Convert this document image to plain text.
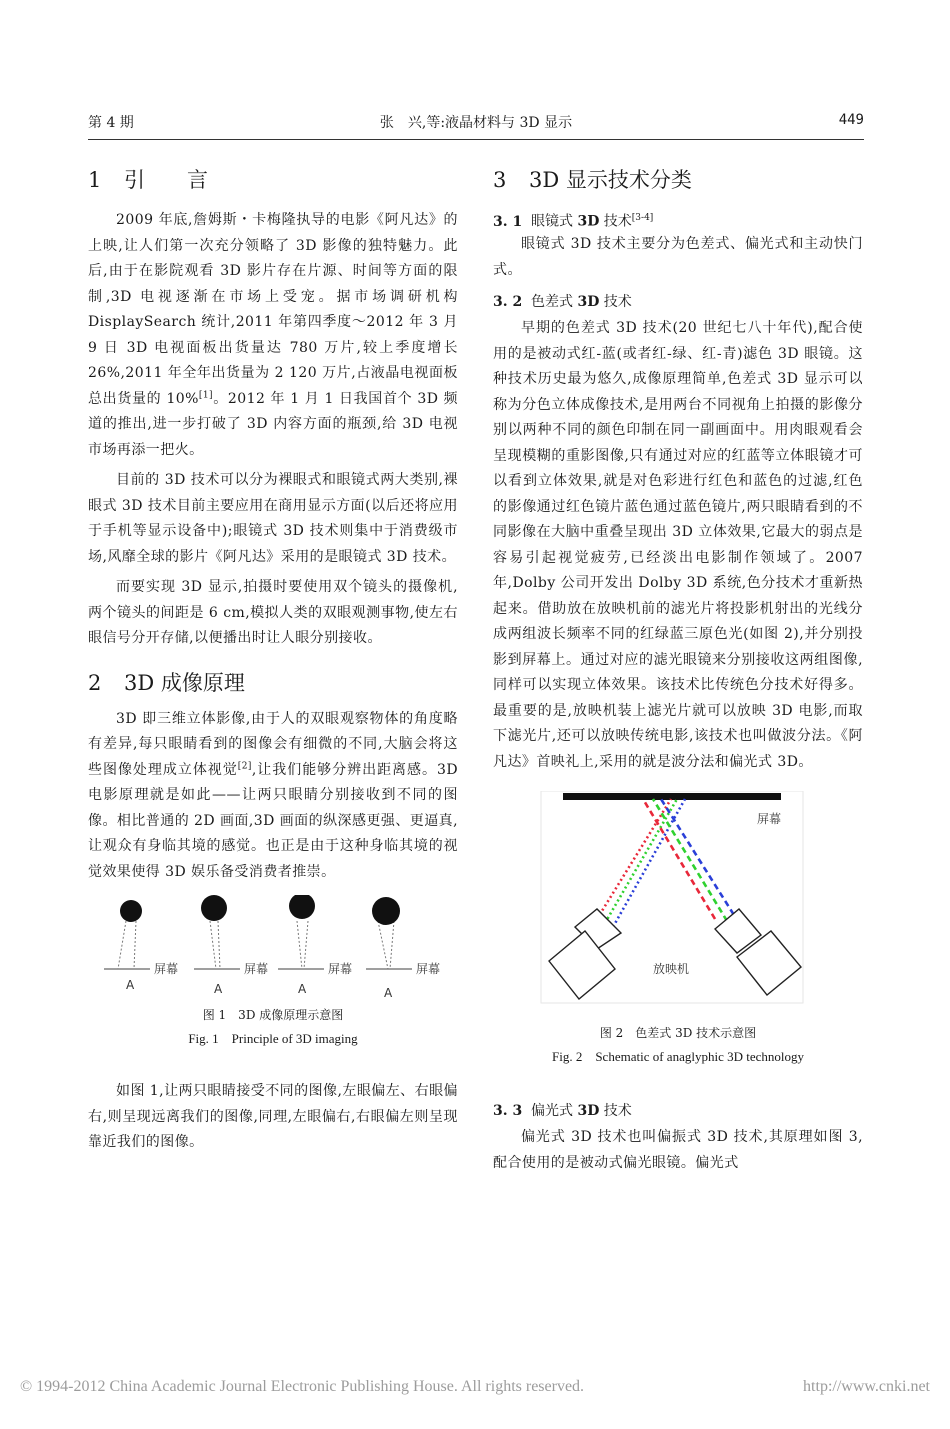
第 4 期	张　兴,等:液晶材料与 3D 显示	449
1 引　　言

2009 年底,詹姆斯・卡梅隆执导的电影《阿凡达》的上映,让人们第一次充分领略了 3D 影像的独特魅力。此后,由于在影院观看 3D 影片存在片源、时间等方面的限制,3D 电视逐渐在市场上受宠。据市场调研机构 DisplaySearch 统计,2011 年第四季度～2012 年 3 月 9 日 3D 电视面板出货量达 780 万片,较上季度增长 26%,2011 年全年出货量为 2 120 万片,占液晶电视面板总出货量的 10%[1]。2012 年 1 月 1 日我国首个 3D 频道的推出,进一步打破了 3D 内容方面的瓶颈,给 3D 电视市场再添一把火。

目前的 3D 技术可以分为裸眼式和眼镜式两大类别,裸眼式 3D 技术目前主要应用在商用显示方面(以后还将应用于手机等显示设备中);眼镜式 3D 技术则集中于消费级市场,风靡全球的影片《阿凡达》采用的是眼镜式 3D 技术。

而要实现 3D 显示,拍摄时要使用双个镜头的摄像机,两个镜头的间距是 6 cm,模拟人类的双眼观测事物,使左右眼信号分开存储,以便播出时让人眼分别接收。

2 3D 成像原理

3D 即三维立体影像,由于人的双眼观察物体的角度略有差异,每只眼睛看到的图像会有细微的不同,大脑会将这些图像处理成立体视觉[2],让我们能够分辨出距离感。3D 电影原理就是如此——让两只眼睛分别接收到不同的图像。相比普通的 2D 画面,3D 画面的纵深感更强、更逼真,让观众有身临其境的感觉。也正是由于这种身临其境的视觉效果使得 3D 娱乐备受消费者推崇。

屏幕	屏幕	屏幕	屏幕
A	A	A	A
图 1　3D 成像原理示意图
Fig. 1　Principle of 3D imaging

如图 1,让两只眼睛接受不同的图像,左眼偏左、右眼偏右,则呈现远离我们的图像,同理,左眼偏右,右眼偏左则呈现靠近我们的图像。

3 3D 显示技术分类
3. 1 眼镜式 3D 技术[3-4]

眼镜式 3D 技术主要分为色差式、偏光式和主动快门式。

3. 2 色差式 3D 技术

早期的色差式 3D 技术(20 世纪七八十年代),配合使用的是被动式红-蓝(或者红-绿、红-青)滤色 3D 眼镜。这种技术历史最为悠久,成像原理简单,色差式 3D 显示可以称为分色立体成像技术,是用两台不同视角上拍摄的影像分别以两种不同的颜色印制在同一副画面中。用肉眼观看会呈现模糊的重影图像,只有通过对应的红蓝等立体眼镜才可以看到立体效果,就是对色彩进行红色和蓝色的过滤,红色的影像通过红色镜片蓝色通过蓝色镜片,两只眼睛看到的不同影像在大脑中重叠呈现出 3D 立体效果,它最大的弱点是容易引起视觉疲劳,已经淡出电影制作领域了。2007 年,Dolby 公司开发出 Dolby 3D 系统,色分技术才重新热起来。借助放在放映机前的滤光片将投影机射出的光线分成两组波长频率不同的红绿蓝三原色光(如图 2),并分别投影到屏幕上。通过对应的滤光眼镜来分别接收这两组图像,同样可以实现立体效果。该技术比传统色分技术好得多。最重要的是,放映机装上滤光片就可以放映 3D 电影,而取下滤光片,还可以放映传统电影,该技术也叫做波分法。《阿凡达》首映礼上,采用的就是波分法和偏光式 3D。

屏幕
放映机
图 2　色差式 3D 技术示意图
Fig. 2　Schematic of anaglyphic 3D technology
3. 3 偏光式 3D 技术

偏光式 3D 技术也叫偏振式 3D 技术,其原理如图 3,配合使用的是被动式偏光眼镜。偏光式

© 1994-2012 China Academic Journal Electronic Publishing House. All rights reserved.	http://www.cnki.net
